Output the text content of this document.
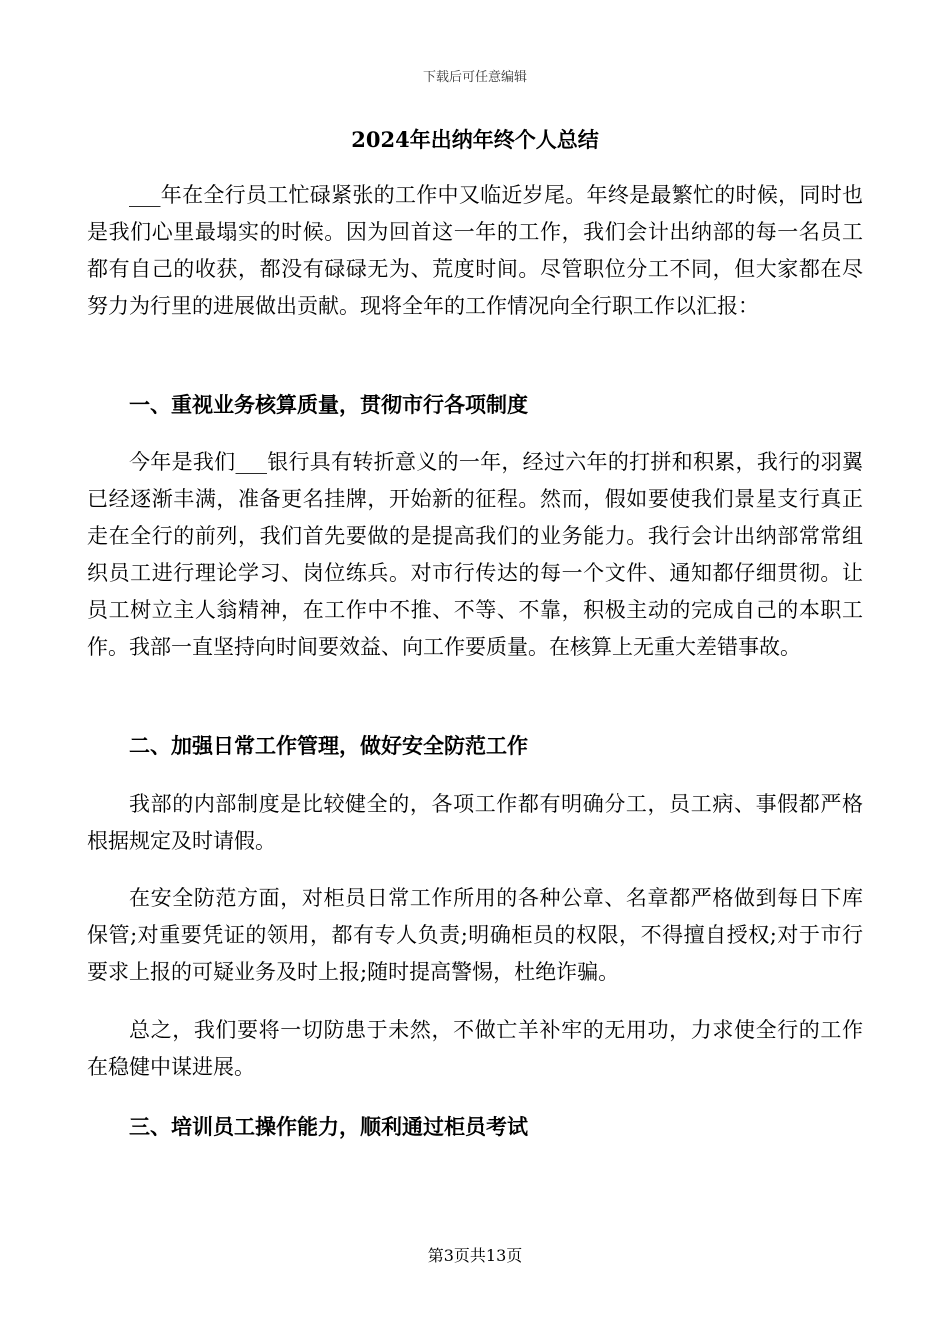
下载后可任意编辑
2024年出纳年终个人总结

___年在全行员工忙碌紧张的工作中又临近岁尾。年终是最繁忙的时候，同时也是我们心里最塌实的时候。因为回首这一年的工作，我们会计出纳部的每一名员工都有自己的收获，都没有碌碌无为、荒度时间。尽管职位分工不同，但大家都在尽努力为行里的进展做出贡献。现将全年的工作情况向全行职工作以汇报：

一、重视业务核算质量，贯彻市行各项制度

今年是我们___银行具有转折意义的一年，经过六年的打拼和积累，我行的羽翼已经逐渐丰满，准备更名挂牌，开始新的征程。然而，假如要使我们景星支行真正走在全行的前列，我们首先要做的是提高我们的业务能力。我行会计出纳部常常组织员工进行理论学习、岗位练兵。对市行传达的每一个文件、通知都仔细贯彻。让员工树立主人翁精神，在工作中不推、不等、不靠，积极主动的完成自己的本职工作。我部一直坚持向时间要效益、向工作要质量。在核算上无重大差错事故。

二、加强日常工作管理，做好安全防范工作

我部的内部制度是比较健全的，各项工作都有明确分工，员工病、事假都严格根据规定及时请假。

在安全防范方面，对柜员日常工作所用的各种公章、名章都严格做到每日下库保管;对重要凭证的领用，都有专人负责;明确柜员的权限，不得擅自授权;对于市行要求上报的可疑业务及时上报;随时提高警惕，杜绝诈骗。

总之，我们要将一切防患于未然，不做亡羊补牢的无用功，力求使全行的工作在稳健中谋进展。

三、培训员工操作能力，顺利通过柜员考试
第3页共13页
